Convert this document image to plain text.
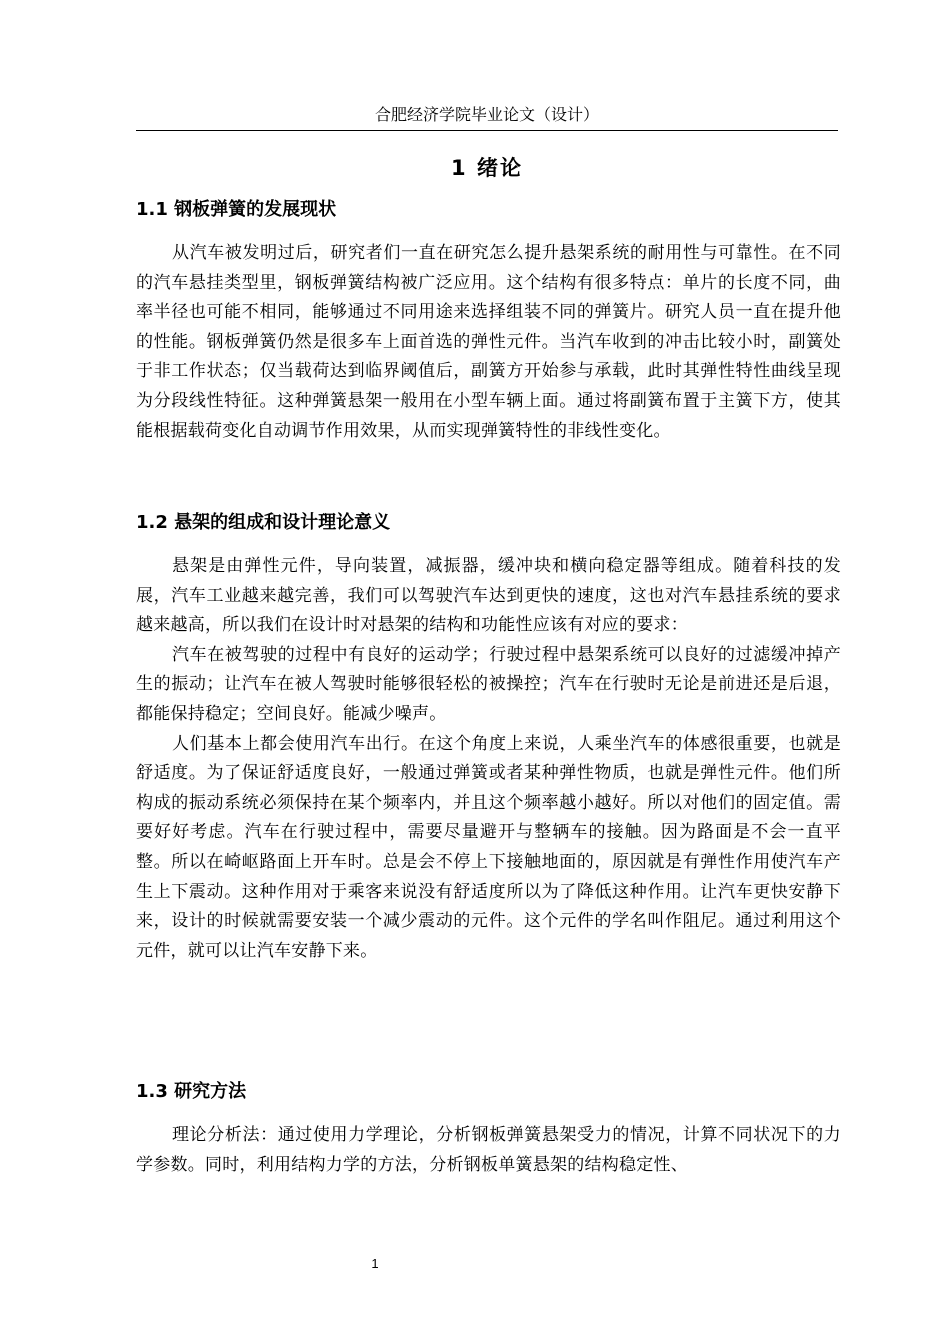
合肥经济学院毕业论文（设计）
1 绪论
1.1 钢板弹簧的发展现状

从汽车被发明过后，研究者们一直在研究怎么提升悬架系统的耐用性与可靠性。在不同的汽车悬挂类型里，钢板弹簧结构被广泛应用。这个结构有很多特点：单片的长度不同，曲率半径也可能不相同，能够通过不同用途来选择组装不同的弹簧片。研究人员一直在提升他的性能。钢板弹簧仍然是很多车上面首选的弹性元件。当汽车收到的冲击比较小时，副簧处于非工作状态；仅当载荷达到临界阈值后，副簧方开始参与承载，此时其弹性特性曲线呈现为分段线性特征。这种弹簧悬架一般用在小型车辆上面。通过将副簧布置于主簧下方，使其能根据载荷变化自动调节作用效果，从而实现弹簧特性的非线性变化。

1.2 悬架的组成和设计理论意义

悬架是由弹性元件，导向装置，减振器，缓冲块和横向稳定器等组成。随着科技的发展，汽车工业越来越完善，我们可以驾驶汽车达到更快的速度，这也对汽车悬挂系统的要求越来越高，所以我们在设计时对悬架的结构和功能性应该有对应的要求：

汽车在被驾驶的过程中有良好的运动学；行驶过程中悬架系统可以良好的过滤缓冲掉产生的振动；让汽车在被人驾驶时能够很轻松的被操控；汽车在行驶时无论是前进还是后退，都能保持稳定；空间良好。能减少噪声。

人们基本上都会使用汽车出行。在这个角度上来说，人乘坐汽车的体感很重要，也就是舒适度。为了保证舒适度良好，一般通过弹簧或者某种弹性物质，也就是弹性元件。他们所构成的振动系统必须保持在某个频率内，并且这个频率越小越好。所以对他们的固定值。需要好好考虑。汽车在行驶过程中，需要尽量避开与整辆车的接触。因为路面是不会一直平整。所以在崎岖路面上开车时。总是会不停上下接触地面的，原因就是有弹性作用使汽车产生上下震动。这种作用对于乘客来说没有舒适度所以为了降低这种作用。让汽车更快安静下来，设计的时候就需要安装一个减少震动的元件。这个元件的学名叫作阻尼。通过利用这个元件，就可以让汽车安静下来。

1.3 研究方法

理论分析法：通过使用力学理论，分析钢板弹簧悬架受力的情况，计算不同状况下的力学参数。同时，利用结构力学的方法，分析钢板单簧悬架的结构稳定性、

1
